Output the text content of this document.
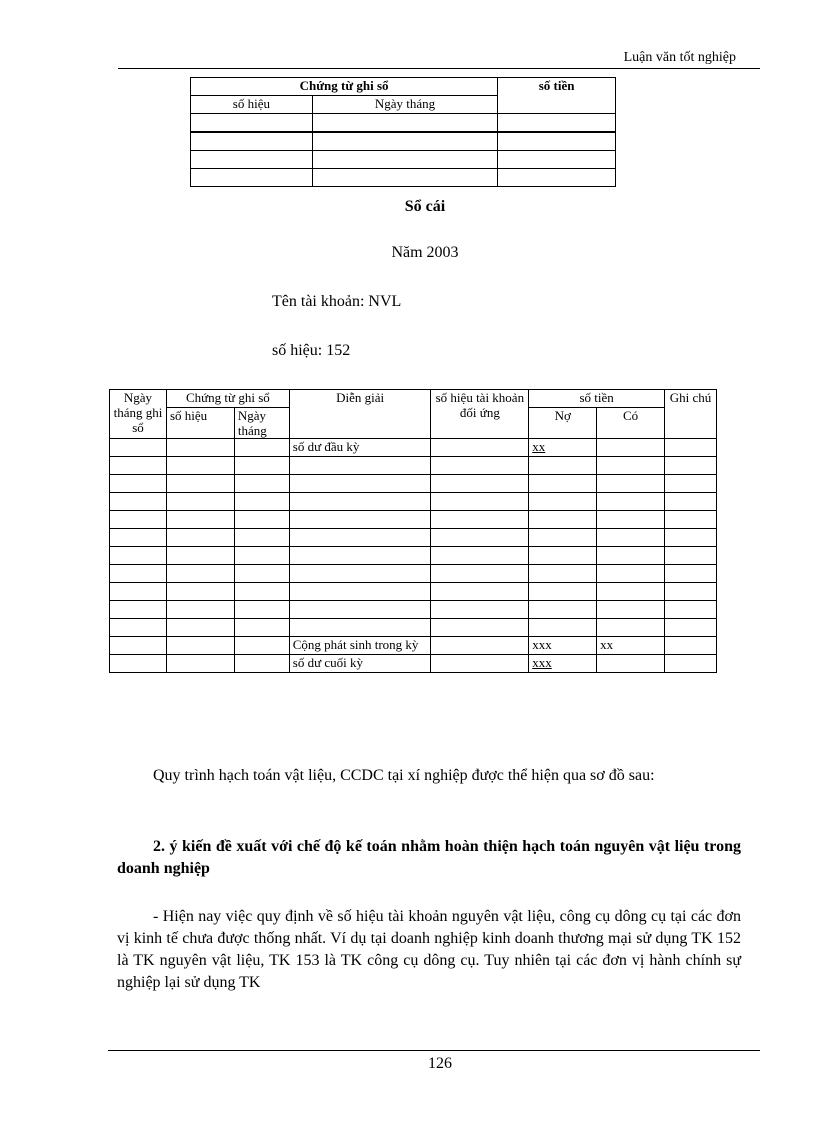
Luận văn tốt nghiệp
Chứng từ ghi sổ		số tiền
số hiệu	Ngày tháng	

Sổ cái
Năm 2003
Tên tài khoản: NVL
số hiệu: 152
Ngày tháng ghi sổ	Chứng từ ghi sổ		Diễn giải	số hiệu tài khoản đối ứng	số tiền		Ghi chú
	số hiệu	Ngày tháng			Nợ	Có	
			số dư đầu kỳ		xx		

			Cộng phát sinh trong kỳ		xxx	xx	
			số dư cuối kỳ		xxx		
Quy trình hạch toán vật liệu, CCDC tại xí nghiệp được thể hiện qua sơ đồ sau:
2. ý kiến đề xuất với chế độ kế toán nhằm hoàn thiện hạch toán nguyên vật liệu trong doanh nghiệp
- Hiện nay việc quy định về số hiệu tài khoản nguyên vật liệu, công cụ dông cụ tại các đơn vị kinh tế chưa được thống nhất. Ví dụ tại doanh nghiệp kinh doanh thương mại sử dụng TK 152 là TK nguyên vật liệu, TK 153 là TK công cụ dông cụ. Tuy nhiên tại các đơn vị hành chính sự nghiệp lại sử dụng TK
126
